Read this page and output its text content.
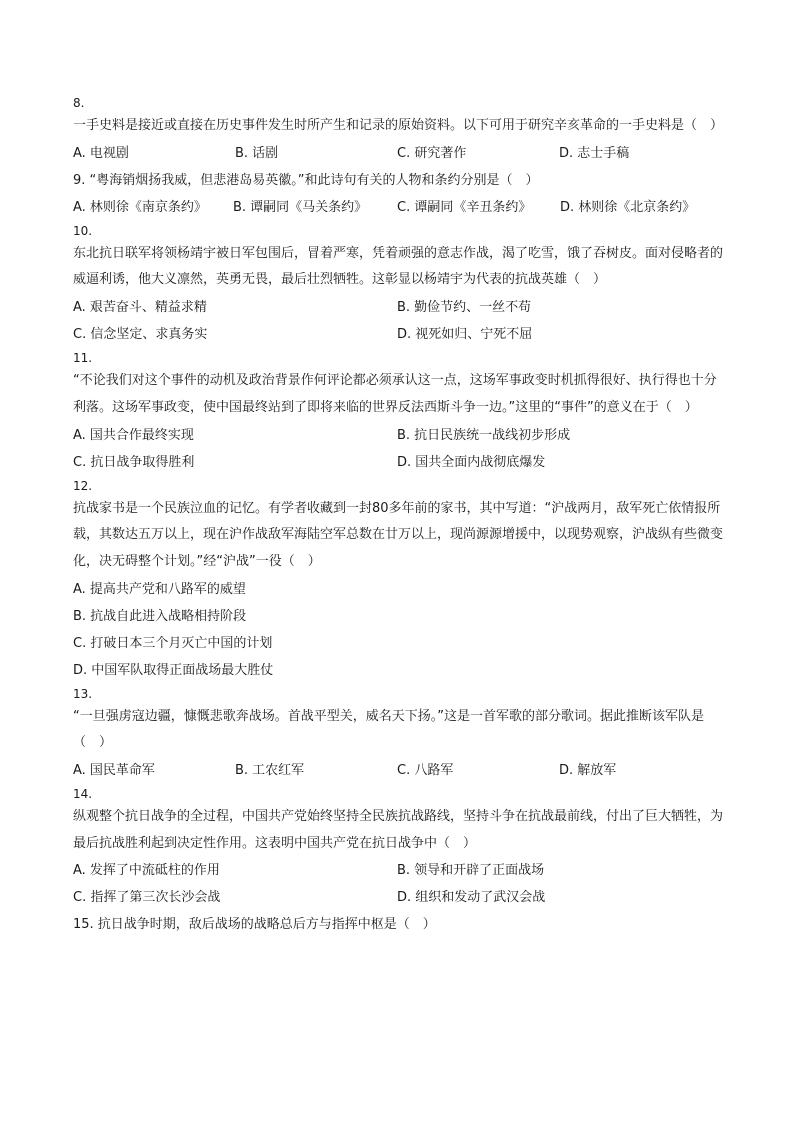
8.
一手史料是接近或直接在历史事件发生时所产生和记录的原始资料。以下可用于研究辛亥革命的一手史料是（　）
A. 电视剧	B. 话剧	C. 研究著作	D. 志士手稿
9. “粤海销烟扬我威，但悲港岛易英徽。”和此诗句有关的人物和条约分别是（　）
A. 林则徐《南京条约》	B. 谭嗣同《马关条约》	C. 谭嗣同《辛丑条约》	D. 林则徐《北京条约》
10.
东北抗日联军将领杨靖宇被日军包围后，冒着严寒，凭着顽强的意志作战，渴了吃雪，饿了吞树皮。面对侵略者的威逼利诱，他大义凛然，英勇无畏，最后壮烈牺牲。这彰显以杨靖宇为代表的抗战英雄（　）
A. 艰苦奋斗、精益求精	B. 勤俭节约、一丝不苟
C. 信念坚定、求真务实	D. 视死如归、宁死不屈
11.
“不论我们对这个事件的动机及政治背景作何评论都必须承认这一点，这场军事政变时机抓得很好、执行得也十分利落。这场军事政变，使中国最终站到了即将来临的世界反法西斯斗争一边。”这里的“事件”的意义在于（　）
A. 国共合作最终实现	B. 抗日民族统一战线初步形成
C. 抗日战争取得胜利	D. 国共全面内战彻底爆发
12.
抗战家书是一个民族泣血的记忆。有学者收藏到一封80多年前的家书，其中写道：“沪战两月，敌军死亡依情报所载，其数达五万以上，现在沪作战敌军海陆空军总数在廿万以上，现尚源源增援中，以现势观察，沪战纵有些微变化，决无碍整个计划。”经“沪战”一役（　）
A. 提高共产党和八路军的威望
B. 抗战自此进入战略相持阶段
C. 打破日本三个月灭亡中国的计划
D. 中国军队取得正面战场最大胜仗
13.
“一旦强虏寇边疆，慷慨悲歌奔战场。首战平型关，威名天下扬。”这是一首军歌的部分歌词。据此推断该军队是（　）
A. 国民革命军	B. 工农红军	C. 八路军	D. 解放军
14.
纵观整个抗日战争的全过程，中国共产党始终坚持全民族抗战路线，坚持斗争在抗战最前线，付出了巨大牺牲，为最后抗战胜利起到决定性作用。这表明中国共产党在抗日战争中（　）
A. 发挥了中流砥柱的作用	B. 领导和开辟了正面战场
C. 指挥了第三次长沙会战	D. 组织和发动了武汉会战
15. 抗日战争时期，敌后战场的战略总后方与指挥中枢是（　）
